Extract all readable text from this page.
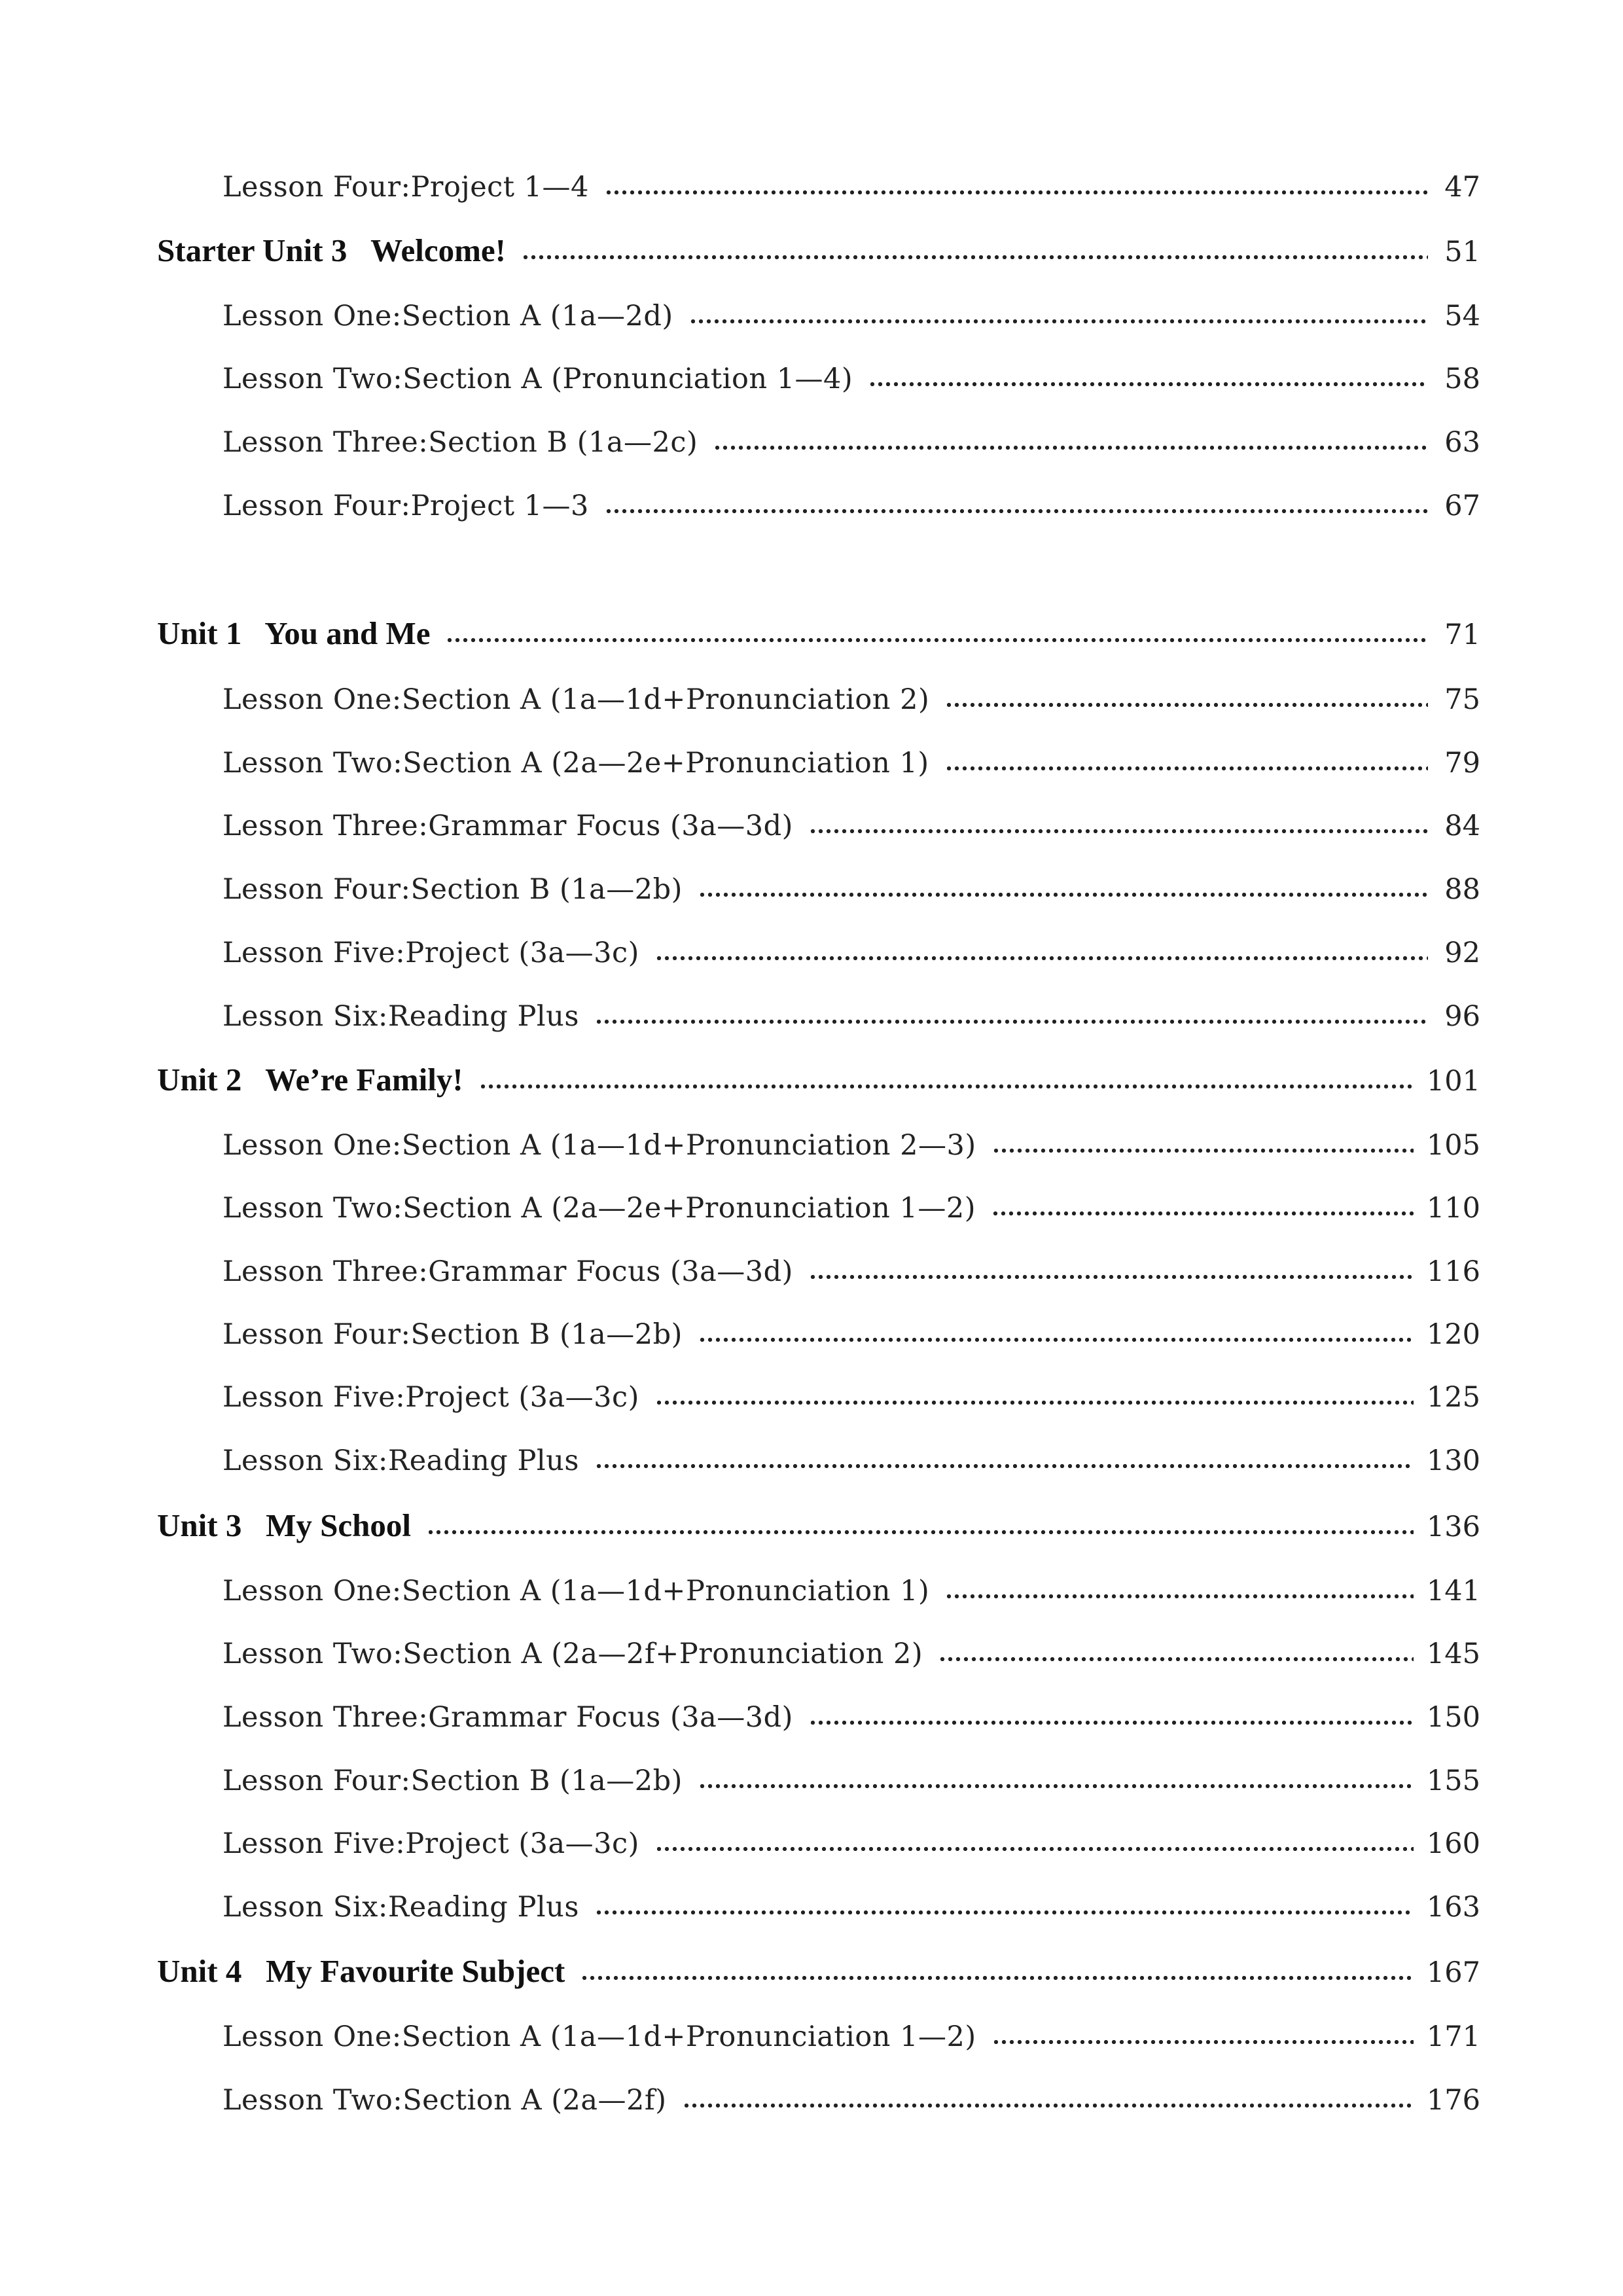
Lesson Four:Project 1—4	47
Starter Unit 3   Welcome!	51
Lesson One:Section A (1a—2d)	54
Lesson Two:Section A (Pronunciation 1—4)	58
Lesson Three:Section B (1a—2c)	63
Lesson Four:Project 1—3	67
Unit 1   You and Me	71
Lesson One:Section A (1a—1d+Pronunciation 2)	75
Lesson Two:Section A (2a—2e+Pronunciation 1)	79
Lesson Three:Grammar Focus (3a—3d)	84
Lesson Four:Section B (1a—2b)	88
Lesson Five:Project (3a—3c)	92
Lesson Six:Reading Plus	96
Unit 2   We’re Family!	101
Lesson One:Section A (1a—1d+Pronunciation 2—3)	105
Lesson Two:Section A (2a—2e+Pronunciation 1—2)	110
Lesson Three:Grammar Focus (3a—3d)	116
Lesson Four:Section B (1a—2b)	120
Lesson Five:Project (3a—3c)	125
Lesson Six:Reading Plus	130
Unit 3   My School	136
Lesson One:Section A (1a—1d+Pronunciation 1)	141
Lesson Two:Section A (2a—2f+Pronunciation 2)	145
Lesson Three:Grammar Focus (3a—3d)	150
Lesson Four:Section B (1a—2b)	155
Lesson Five:Project (3a—3c)	160
Lesson Six:Reading Plus	163
Unit 4   My Favourite Subject	167
Lesson One:Section A (1a—1d+Pronunciation 1—2)	171
Lesson Two:Section A (2a—2f)	176
